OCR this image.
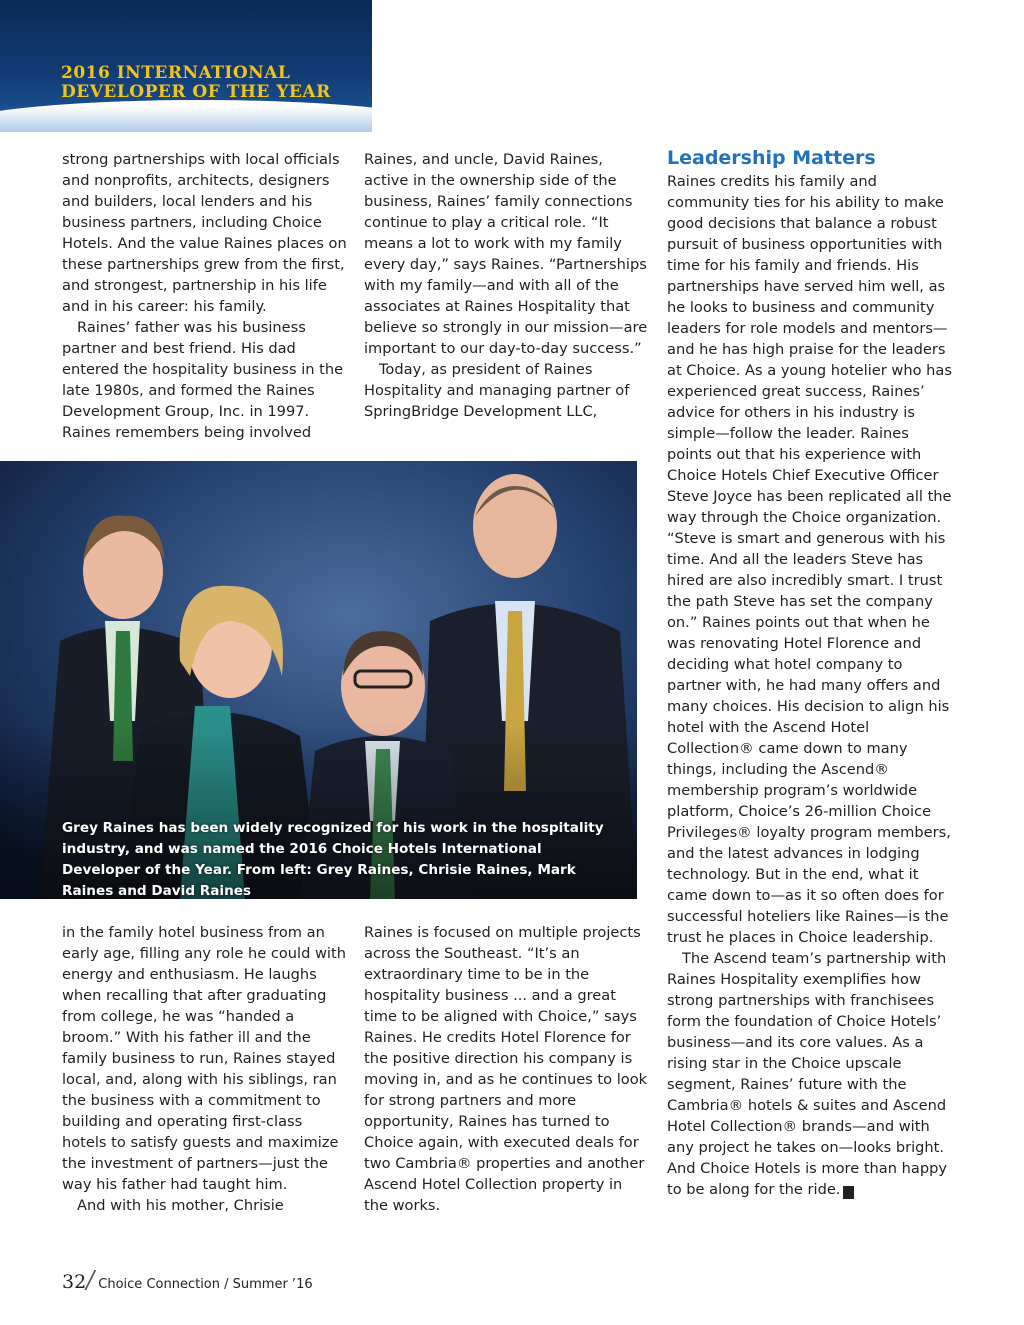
2016 INTERNATIONAL
DEVELOPER OF THE YEAR

strong partnerships with local officials and nonprofits, architects, designers and builders, local lenders and his business partners, including Choice Hotels. And the value Raines places on these partnerships grew from the first, and strongest, partnership in his life and in his career: his family.

Raines’ father was his business partner and best friend. His dad entered the hospitality business in the late 1980s, and formed the Raines Development Group, Inc. in 1997. Raines remembers being involved

Raines, and uncle, David Raines, active in the ownership side of the business, Raines’ family connections continue to play a critical role. “It means a lot to work with my family every day,” says Raines. “Partnerships with my family—and with all of the associates at Raines Hospitality that believe so strongly in our mission—are important to our day-to-day success.”

Today, as president of Raines Hospitality and managing partner of SpringBridge Development LLC,

Leadership Matters

Raines credits his family and community ties for his ability to make good decisions that balance a robust pursuit of business opportunities with time for his family and friends. His partnerships have served him well, as he looks to business and community leaders for role models and mentors—and he has high praise for the leaders at Choice. As a young hotelier who has experienced great success, Raines’ advice for others in his industry is simple—follow the leader. Raines points out that his experience with Choice Hotels Chief Executive Officer Steve Joyce has been replicated all the way through the Choice organization. “Steve is smart and generous with his time. And all the leaders Steve has hired are also incredibly smart. I trust the path Steve has set the company on.” Raines points out that when he was renovating Hotel Florence and deciding what hotel company to partner with, he had many offers and many choices. His decision to align his hotel with the Ascend Hotel Collection® came down to many things, including the Ascend® membership program’s worldwide platform, Choice’s 26-million Choice Privileges® loyalty program members, and the latest advances in lodging technology. But in the end, what it came down to—as it so often does for successful hoteliers like Raines—is the trust he places in Choice leadership.

The Ascend team’s partnership with Raines Hospitality exemplifies how strong partnerships with franchisees form the foundation of Choice Hotels’ business—and its core values. As a rising star in the Choice upscale segment, Raines’ future with the Cambria® hotels & suites and Ascend Hotel Collection® brands—and with any project he takes on—looks bright. And Choice Hotels is more than happy to be along for the ride. C

Grey Raines has been widely recognized for his work in the hospitality industry, and was named the 2016 Choice Hotels International Developer of the Year. From left: Grey Raines, Chrisie Raines, Mark Raines and David Raines

in the family hotel business from an early age, filling any role he could with energy and enthusiasm. He laughs when recalling that after graduating from college, he was “handed a broom.” With his father ill and the family business to run, Raines stayed local, and, along with his siblings, ran the business with a commitment to building and operating first-class hotels to satisfy guests and maximize the investment of partners—just the way his father had taught him.

And with his mother, Chrisie

Raines is focused on multiple projects across the Southeast. “It’s an extraordinary time to be in the hospitality business ... and a great time to be aligned with Choice,” says Raines. He credits Hotel Florence for the positive direction his company is moving in, and as he continues to look for strong partners and more opportunity, Raines has turned to Choice again, with executed deals for two Cambria® properties and another Ascend Hotel Collection property in the works.

32/ Choice Connection / Summer ’16
